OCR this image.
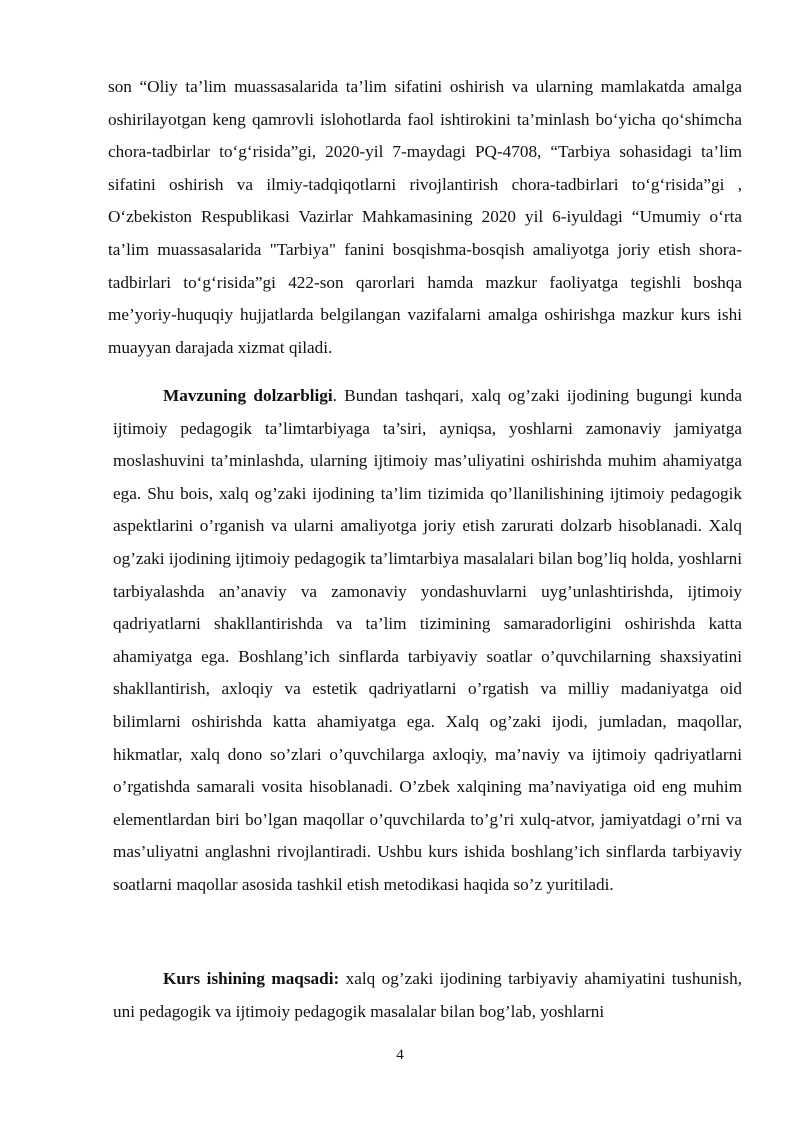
son “Oliy ta’lim muassasalarida ta’lim sifatini oshirish va ularning mamlakatda amalga oshirilayotgan keng qamrovli islohotlarda faol ishtirokini ta’minlash bo‘yicha qo‘shimcha chora-tadbirlar to‘g‘risida”gi, 2020-yil 7-maydagi PQ-4708, “Tarbiya sohasidagi ta’lim sifatini oshirish va ilmiy-tadqiqotlarni rivojlantirish chora-tadbirlari to‘g‘risida”gi , O‘zbekiston Respublikasi Vazirlar Mahkamasining 2020 yil 6-iyuldagi “Umumiy o‘rta ta’lim muassasalarida "Tarbiya" fanini bosqishma-bosqish amaliyotga joriy etish shora-tadbirlari to‘g‘risida”gi 422-son qarorlari hamda mazkur faoliyatga tegishli boshqa me’yoriy-huquqiy hujjatlarda belgilangan vazifalarni amalga oshirishga mazkur kurs ishi muayyan darajada xizmat qiladi.

Mavzuning dolzarbligi. Bundan tashqari, xalq og’zaki ijodining bugungi kunda ijtimoiy pedagogik ta’limtarbiyaga ta’siri, ayniqsa, yoshlarni zamonaviy jamiyatga moslashuvini ta’minlashda, ularning ijtimoiy mas’uliyatini oshirishda muhim ahamiyatga ega. Shu bois, xalq og’zaki ijodining ta’lim tizimida qo’llanilishining ijtimoiy pedagogik aspektlarini o’rganish va ularni amaliyotga joriy etish zarurati dolzarb hisoblanadi. Xalq og’zaki ijodining ijtimoiy pedagogik ta’limtarbiya masalalari bilan bog’liq holda, yoshlarni tarbiyalashda an’anaviy va zamonaviy yondashuvlarni uyg’unlashtirishda, ijtimoiy qadriyatlarni shakllantirishda va ta’lim tizimining samaradorligini oshirishda katta ahamiyatga ega. Boshlang’ich sinflarda tarbiyaviy soatlar o’quvchilarning shaxsiyatini shakllantirish, axloqiy va estetik qadriyatlarni o’rgatish va milliy madaniyatga oid bilimlarni oshirishda katta ahamiyatga ega. Xalq og’zaki ijodi, jumladan, maqollar, hikmatlar, xalq dono so’zlari o’quvchilarga axloqiy, ma’naviy va ijtimoiy qadriyatlarni o’rgatishda samarali vosita hisoblanadi. O’zbek xalqining ma’naviyatiga oid eng muhim elementlardan biri bo’lgan maqollar o’quvchilarda to’g’ri xulq-atvor, jamiyatdagi o’rni va mas’uliyatni anglashni rivojlantiradi. Ushbu kurs ishida boshlang’ich sinflarda tarbiyaviy soatlarni maqollar asosida tashkil etish metodikasi haqida so’z yuritiladi.

Kurs ishining maqsadi: xalq og’zaki ijodining tarbiyaviy ahamiyatini tushunish, uni pedagogik va ijtimoiy pedagogik masalalar bilan bog’lab, yoshlarni

4
